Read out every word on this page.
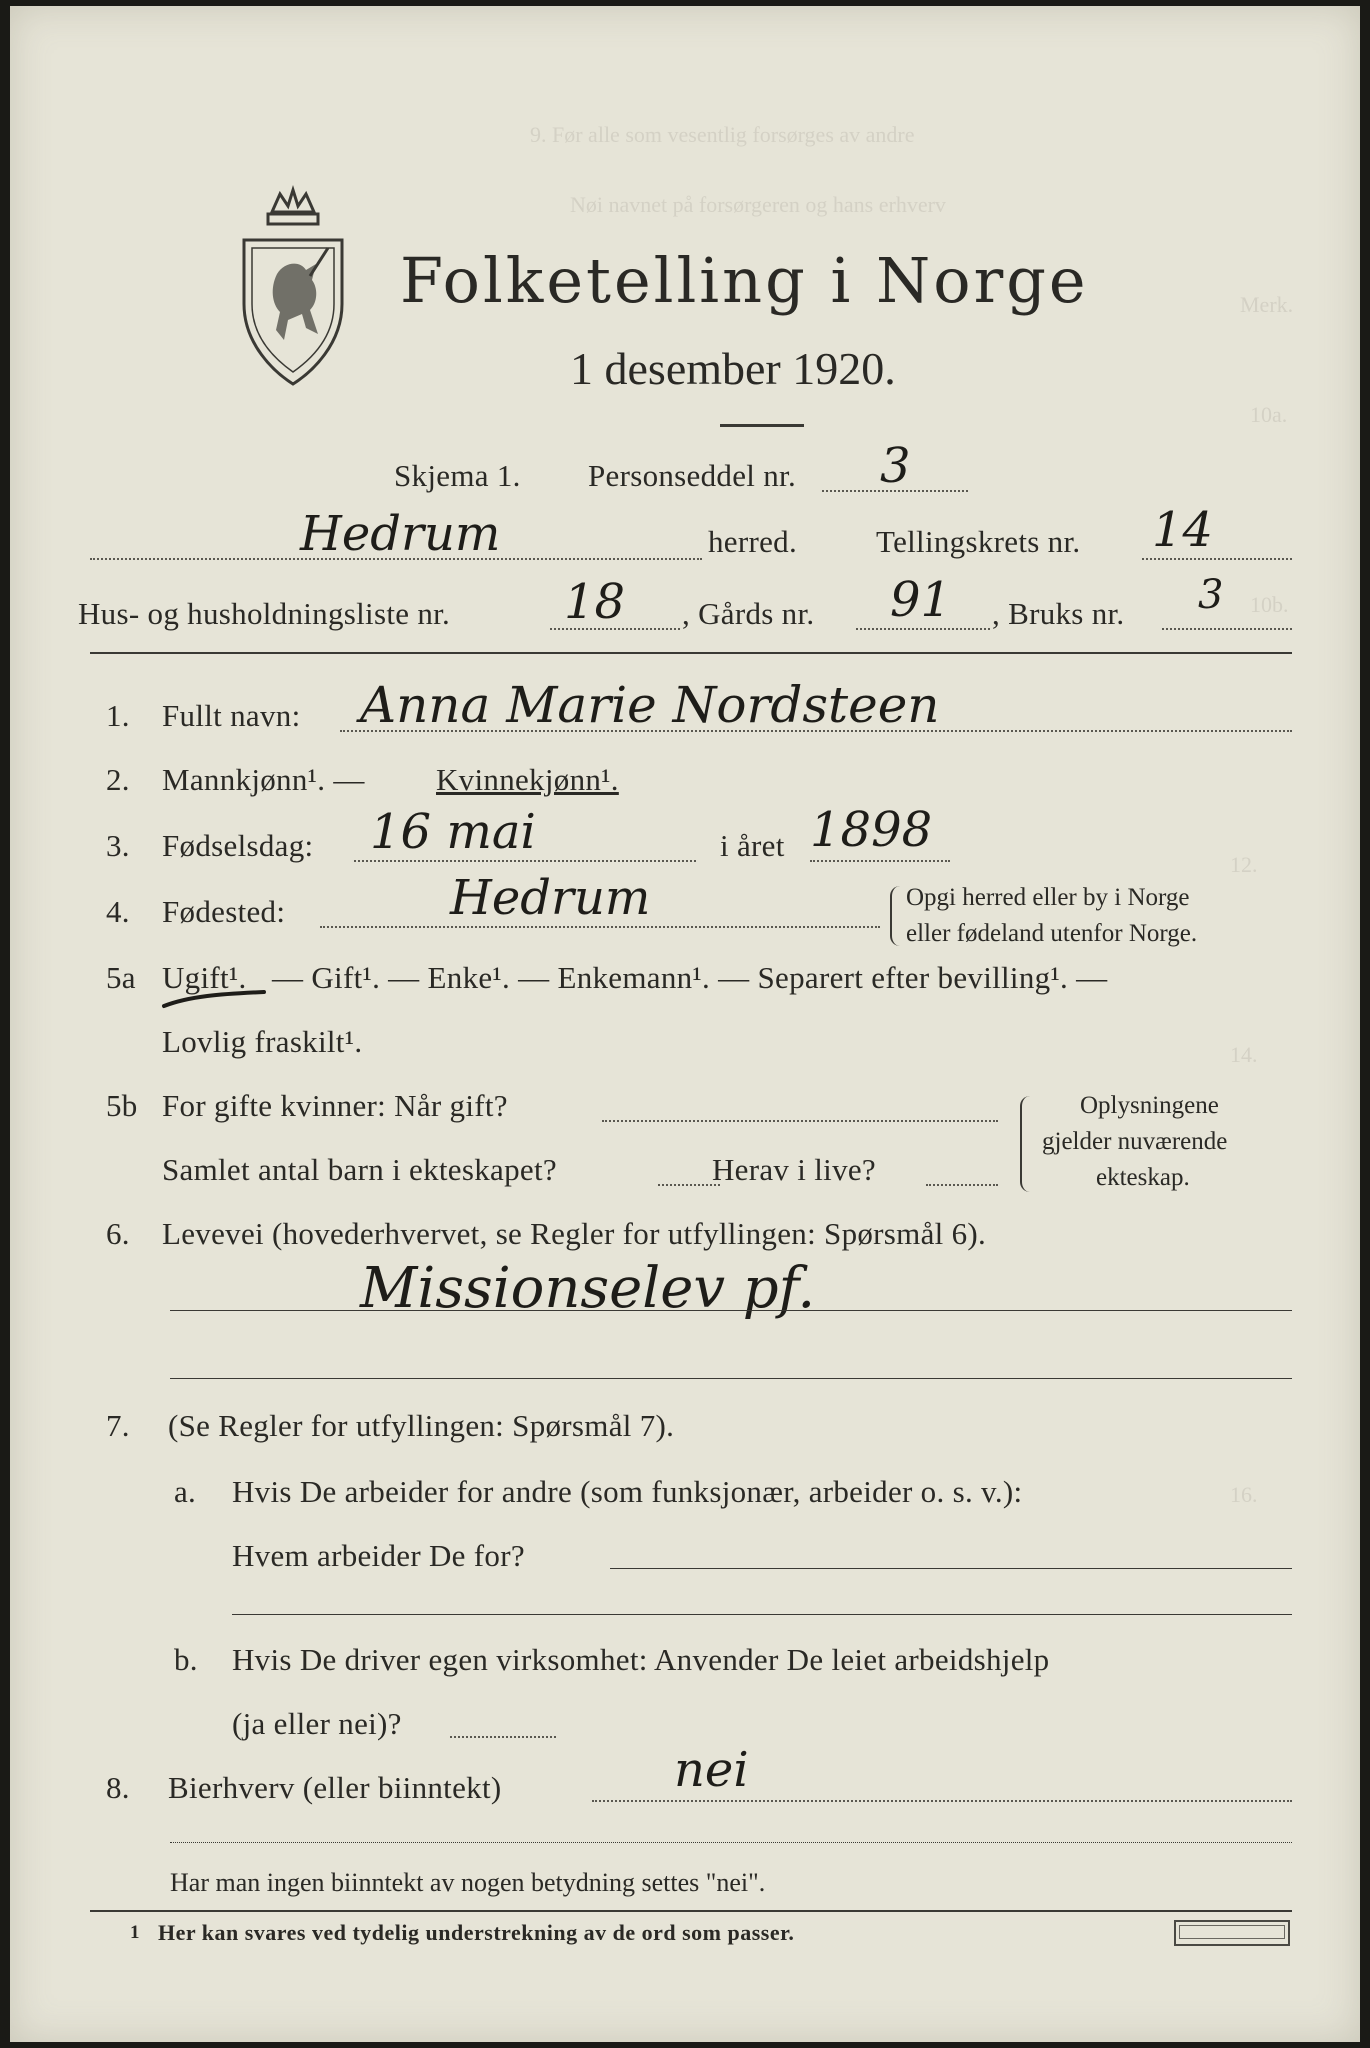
9. Før alle som vesentlig forsørges av andre
Nøi navnet på forsørgeren og hans erhverv
Merk.
10a.
10b.
12.
14.
16.
Folketelling i Norge
1 desember 1920.
Skjema 1. Personseddel nr. 3
Hedrum	herred.	Tellingskrets nr. 14
Hus- og husholdningsliste nr. 18 , Gårds nr. 91 , Bruks nr. 3
1. Fullt navn: Anna Marie Nordsteen
2. Mannkjønn¹. — Kvinnekjønn¹.
3. Fødselsdag: 16 mai	i året 1898
4. Fødested:	Hedrum	Opgi herred eller by i Norge
eller fødeland utenfor Norge.
5a Ugift¹. — Gift¹. — Enke¹. — Enkemann¹. — Separert efter bevilling¹. —
Lovlig fraskilt¹.
5b For gifte kvinner: Når gift?
Samlet antal barn i ekteskapet?	Herav i live?
Oplysningene
gjelder nuværende
ekteskap.
6. Levevei (hovederhvervet, se Regler for utfyllingen: Spørsmål 6).
Missionselev pf.
7. (Se Regler for utfyllingen: Spørsmål 7).
a. Hvis De arbeider for andre (som funksjonær, arbeider o. s. v.):
Hvem arbeider De for?
b. Hvis De driver egen virksomhet: Anvender De leiet arbeidshjelp
(ja eller nei)?
8. Bierhverv (eller biinntekt)	nei
Har man ingen biinntekt av nogen betydning settes "nei".
1 Her kan svares ved tydelig understrekning av de ord som passer.
